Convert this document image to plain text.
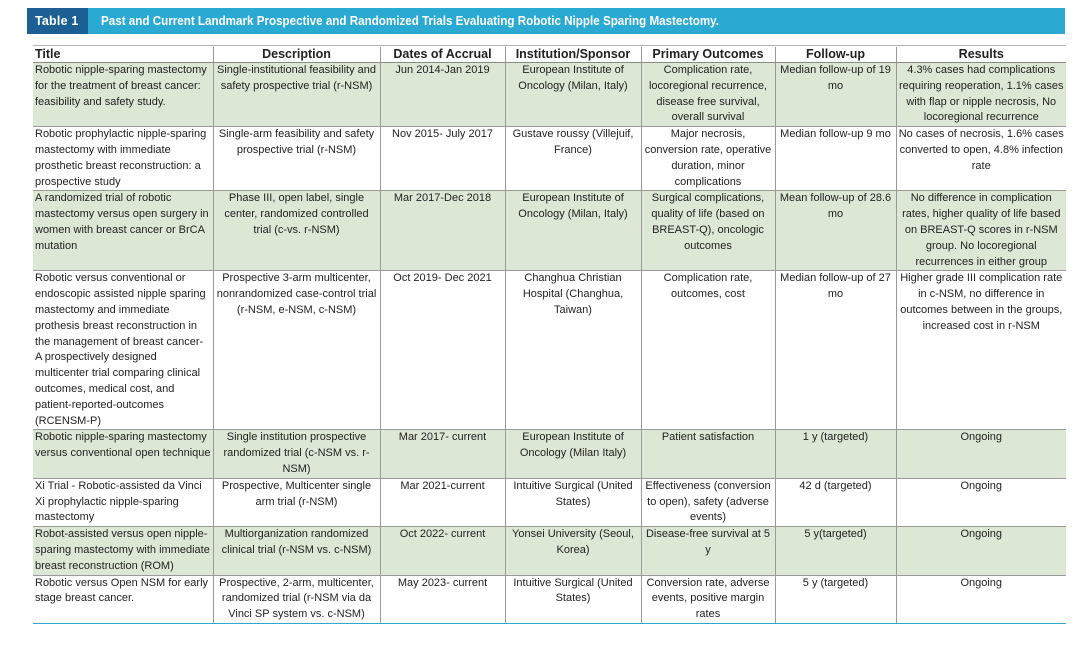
Table 1	Past and Current Landmark Prospective and Randomized Trials Evaluating Robotic Nipple Sparing Mastectomy.
Title	Description	Dates of Accrual	Institution/Sponsor	Primary Outcomes	Follow-up	Results
Robotic nipple-sparing mastectomy for the treatment of breast cancer: feasibility and safety study.	Single-institutional feasibility and safety prospective trial (r-NSM)	Jun 2014-Jan 2019	European Institute of Oncology (Milan, Italy)	Complication rate, locoregional recurrence, disease free survival, overall survival	Median follow-up of 19 mo	4.3% cases had complications requiring reoperation, 1.1% cases with flap or nipple necrosis, No locoregional recurrence
Robotic prophylactic nipple-sparing mastectomy with immediate prosthetic breast reconstruction: a prospective study	Single-arm feasibility and safety prospective trial (r-NSM)	Nov 2015- July 2017	Gustave roussy (Villejuif, France)	Major necrosis, conversion rate, operative duration, minor complications	Median follow-up 9 mo	No cases of necrosis, 1.6% cases converted to open, 4.8% infection rate
A randomized trial of robotic mastectomy versus open surgery in women with breast cancer or BrCA mutation	Phase III, open label, single center, randomized controlled trial (c-vs. r-NSM)	Mar 2017-Dec 2018	European Institute of Oncology (Milan, Italy)	Surgical complications, quality of life (based on BREAST-Q), oncologic outcomes	Mean follow-up of 28.6 mo	No difference in complication rates, higher quality of life based on BREAST-Q scores in r-NSM group. No locoregional recurrences in either group
Robotic versus conventional or endoscopic assisted nipple sparing mastectomy and immediate prothesis breast reconstruction in the management of breast cancer- A prospectively designed multicenter trial comparing clinical outcomes, medical cost, and patient-reported-outcomes (RCENSM-P)	Prospective 3-arm multicenter, nonrandomized case-control trial (r-NSM, e-NSM, c-NSM)	Oct 2019- Dec 2021	Changhua Christian Hospital (Changhua, Taiwan)	Complication rate, outcomes, cost	Median follow-up of 27 mo	Higher grade III complication rate in c-NSM, no difference in outcomes between in the groups, increased cost in r-NSM
Robotic nipple-sparing mastectomy versus conventional open technique	Single institution prospective randomized trial (c-NSM vs. r-NSM)	Mar 2017- current	European Institute of Oncology (Milan Italy)	Patient satisfaction	1 y (targeted)	Ongoing
Xi Trial - Robotic-assisted da Vinci Xi prophylactic nipple-sparing mastectomy	Prospective, Multicenter single arm trial (r-NSM)	Mar 2021-current	Intuitive Surgical (United States)	Effectiveness (conversion to open), safety (adverse events)	42 d (targeted)	Ongoing
Robot-assisted versus open nipple-sparing mastectomy with immediate breast reconstruction (ROM)	Multiorganization randomized clinical trial (r-NSM vs. c-NSM)	Oct 2022- current	Yonsei University (Seoul, Korea)	Disease-free survival at 5 y	5 y(targeted)	Ongoing
Robotic versus Open NSM for early stage breast cancer.	Prospective, 2-arm, multicenter, randomized trial (r-NSM via da Vinci SP system vs. c-NSM)	May 2023- current	Intuitive Surgical (United States)	Conversion rate, adverse events, positive margin rates	5 y (targeted)	Ongoing
